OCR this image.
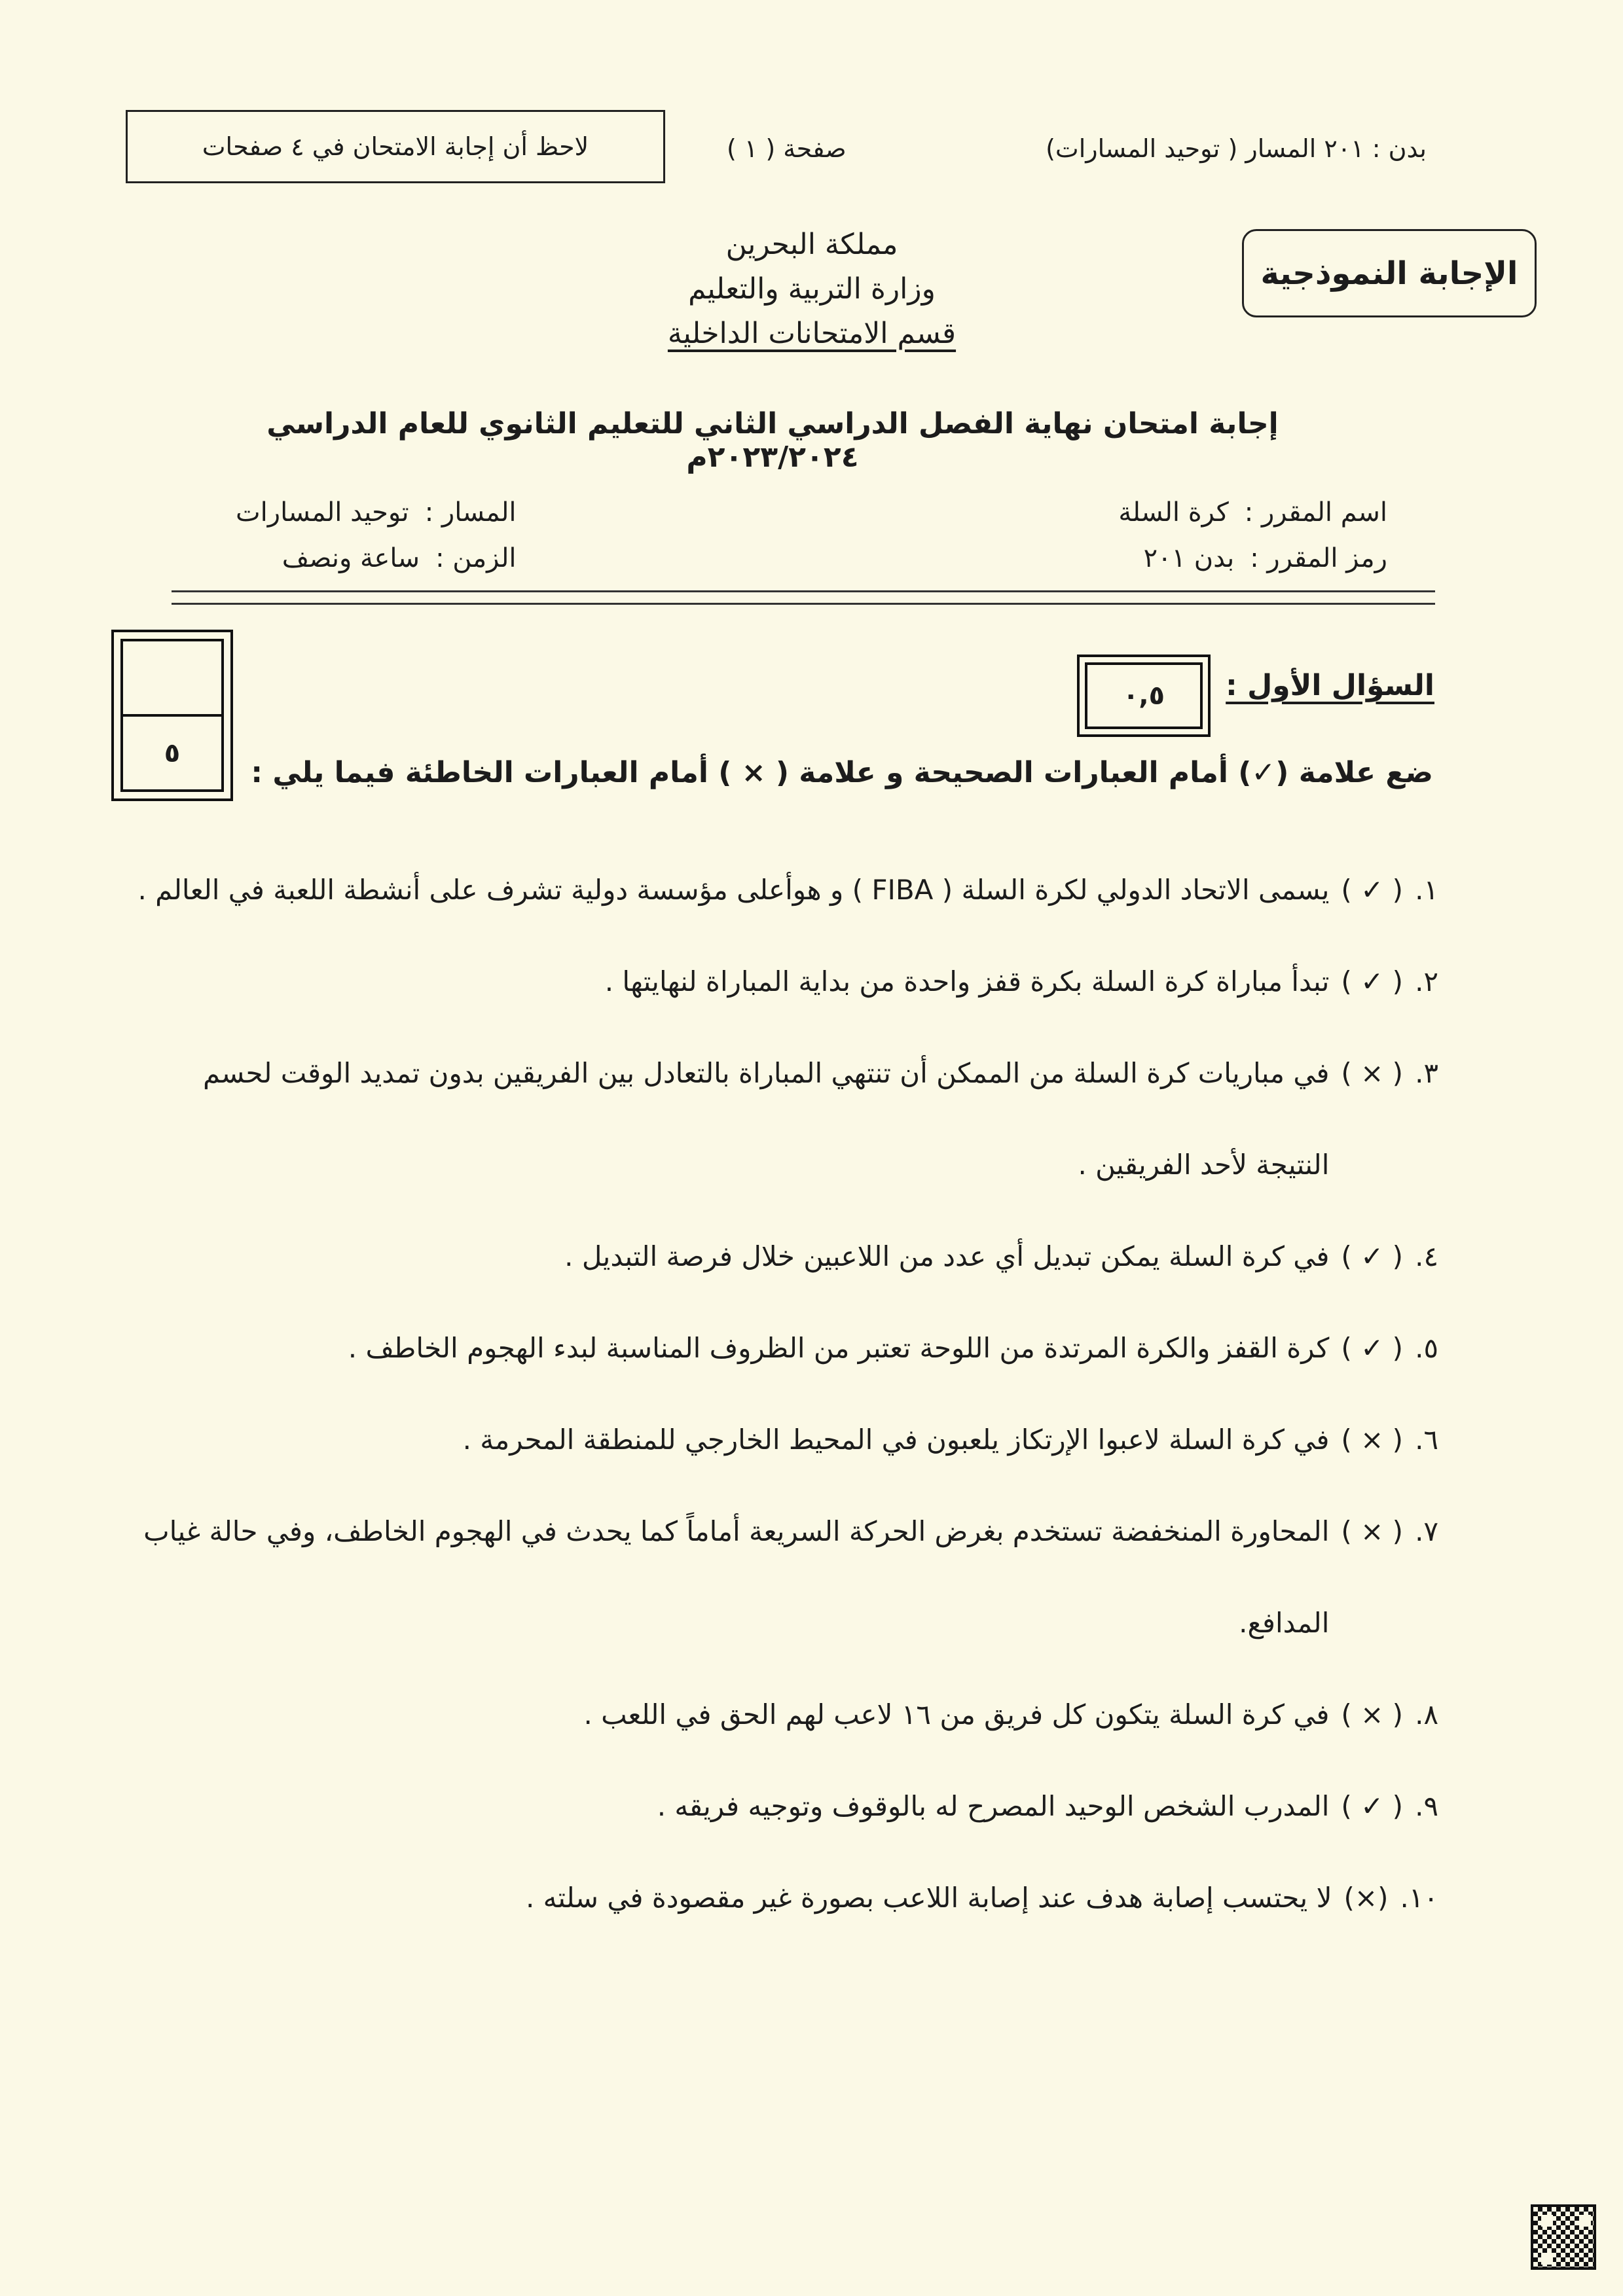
لاحظ أن إجابة الامتحان في ٤ صفحات	صفحة ( ١ )	بدن : ٢٠١ المسار ( توحيد المسارات)
الإجابة النموذجية
مملكة البحرين
وزارة التربية والتعليم
قسم الامتحانات الداخلية
إجابة امتحان نهاية الفصل الدراسي الثاني للتعليم الثانوي للعام الدراسي ٢٠٢٣/٢٠٢٤م
اسم المقرر :
كرة السلة
رمز المقرر :
بدن ٢٠١
المسار :
توحيد المسارات
الزمن :
ساعة ونصف
٥
٠,٥	السؤال الأول :
ضع علامة (✓) أمام العبارات الصحيحة و علامة ( × ) أمام العبارات الخاطئة فيما يلي :
١.
( ✓ )
يسمى الاتحاد الدولي لكرة السلة ( FIBA ) و هوأعلى مؤسسة دولية تشرف على أنشطة اللعبة في العالم .
٢.
( ✓ )
تبدأ مباراة كرة السلة بكرة قفز واحدة من بداية المباراة لنهايتها .
٣.
( × )
في مباريات كرة السلة من الممكن أن تنتهي المباراة بالتعادل بين الفريقين بدون تمديد الوقت لحسم النتيجة لأحد الفريقين .
٤.
( ✓ )
في كرة السلة يمكن تبديل أي عدد من اللاعبين خلال فرصة التبديل .
٥.
( ✓ )
كرة القفز والكرة المرتدة من اللوحة تعتبر من الظروف المناسبة لبدء الهجوم الخاطف .
٦.
( × )
في كرة السلة لاعبوا الإرتكاز يلعبون في المحيط الخارجي للمنطقة المحرمة .
٧.
( × )
المحاورة المنخفضة تستخدم بغرض الحركة السريعة أماماً كما يحدث في الهجوم الخاطف، وفي حالة غياب المدافع.
٨.
( × )
في كرة السلة يتكون كل فريق من ١٦ لاعب لهم الحق في اللعب .
٩.
( ✓ )
المدرب الشخص الوحيد المصرح له بالوقوف وتوجيه فريقه .
١٠.
(×)
لا يحتسب إصابة هدف عند إصابة اللاعب بصورة غير مقصودة في سلته .
